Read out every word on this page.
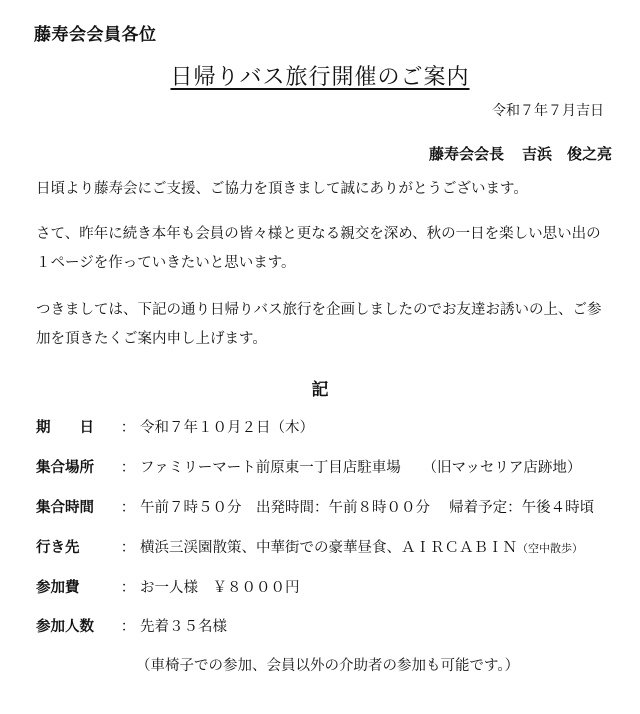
藤寿会会員各位
日帰りバス旅行開催のご案内
令和７年７月吉日
藤寿会会長 吉浜　俊之亮
日頃より藤寿会にご支援、ご協力を頂きまして誠にありがとうございます。
さて、昨年に続き本年も会員の皆々様と更なる親交を深め、秋の一日を楽しい思い出の１ページを作っていきたいと思います。
つきましては、下記の通り日帰りバス旅行を企画しましたのでお友達お誘いの上、ご参加を頂きたくご案内申し上げます。
記
期　　日 ： 令和７年１０月２日（木）
集合場所 ： ファミリーマート前原東一丁目店駐車場　　（旧マッセリア店跡地）
集合時間 ： 午前７時５０分　出発時間：午前８時００分　 帰着予定：午後４時頃
行き先	： 横浜三渓園散策、中華街での豪華昼食、ＡＩＲＣＡＢＩＮ（空中散歩）
参加費	： お一人様　￥８０００円
参加人数 ： 先着３５名様
（車椅子での参加、会員以外の介助者の参加も可能です。）
